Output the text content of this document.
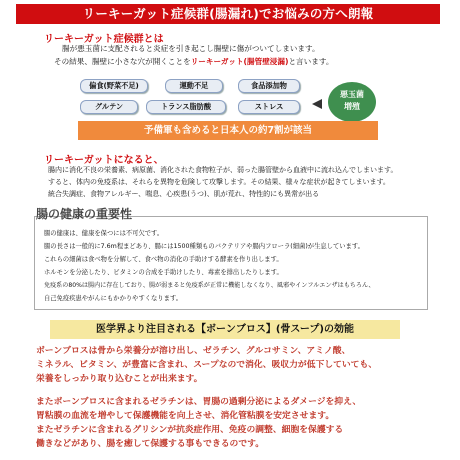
リーキーガット症候群(腸漏れ)でお悩みの方へ朗報
リーキーガット症候群とは
腸が悪玉菌に支配されると炎症を引き起こし腸壁に傷がついてしまいます。
その結果、腸壁に小さな穴が開くことをリーキーガット(腸管壁浸漏)と言います。
偏食(野菜不足)	運動不足	食品添加物
グルテン	トランス脂肪酸	ストレス
悪玉菌
増殖
予備軍も含めると日本人の約7割が該当
リーキーガットになると、
腸内に消化不良の栄養素、病原菌、消化された食物粒子が、弱った腸管壁から血液中に流れ込んでしまいます。
すると、体内の免疫系は、それらを異物を危険して攻撃します。その結果、様々な症状が起きてしまいます。
統合失調症、食物アレルギー、喘息、心疾患(うつ)、肌が荒れ、特性的にも異常が出る
腸の健康の重要性
腸の健康は、健康を保つには不可欠です。
腸の長さは一般的に7.6m程まどあり、腸には1500種類ものバクテリアや腸内フローラ(細菌)が生息しています。
これらの細菌は食べ物を分解して、食べ物の消化の手助けする酵素を作り出します。
ホルモンを分泌したり、ビタミンの合成を手助けしたり、毒素を排出したりします。
免疫系の80%は腸内に存在しており、腸が弱まると免疫系が正常に機能しなくなり、風邪やインフルエンザはもちろん、
自己免疫疾患やがんにもかかりやすくなります。
医学界より注目される【ボーンブロス】(骨スープ)の効能
ボーンブロスは骨から栄養分が溶け出し、ゼラチン、グルコサミン、アミノ酸、
ミネラル、ビタミン、が豊富に含まれ、スープなので消化、吸収力が低下していても、
栄養をしっかり取り込むことが出来ます。
またボーンブロスに含まれるゼラチンは、胃腸の過剰分泌によるダメージを抑え、
胃粘膜の血流を増やして保護機能を向上させ、消化管粘膜を安定させます。
またゼラチンに含まれるグリシンが抗炎症作用、免疫の調整、細胞を保護する
働きなどがあり、腸を癒して保護する事もできるのです。
